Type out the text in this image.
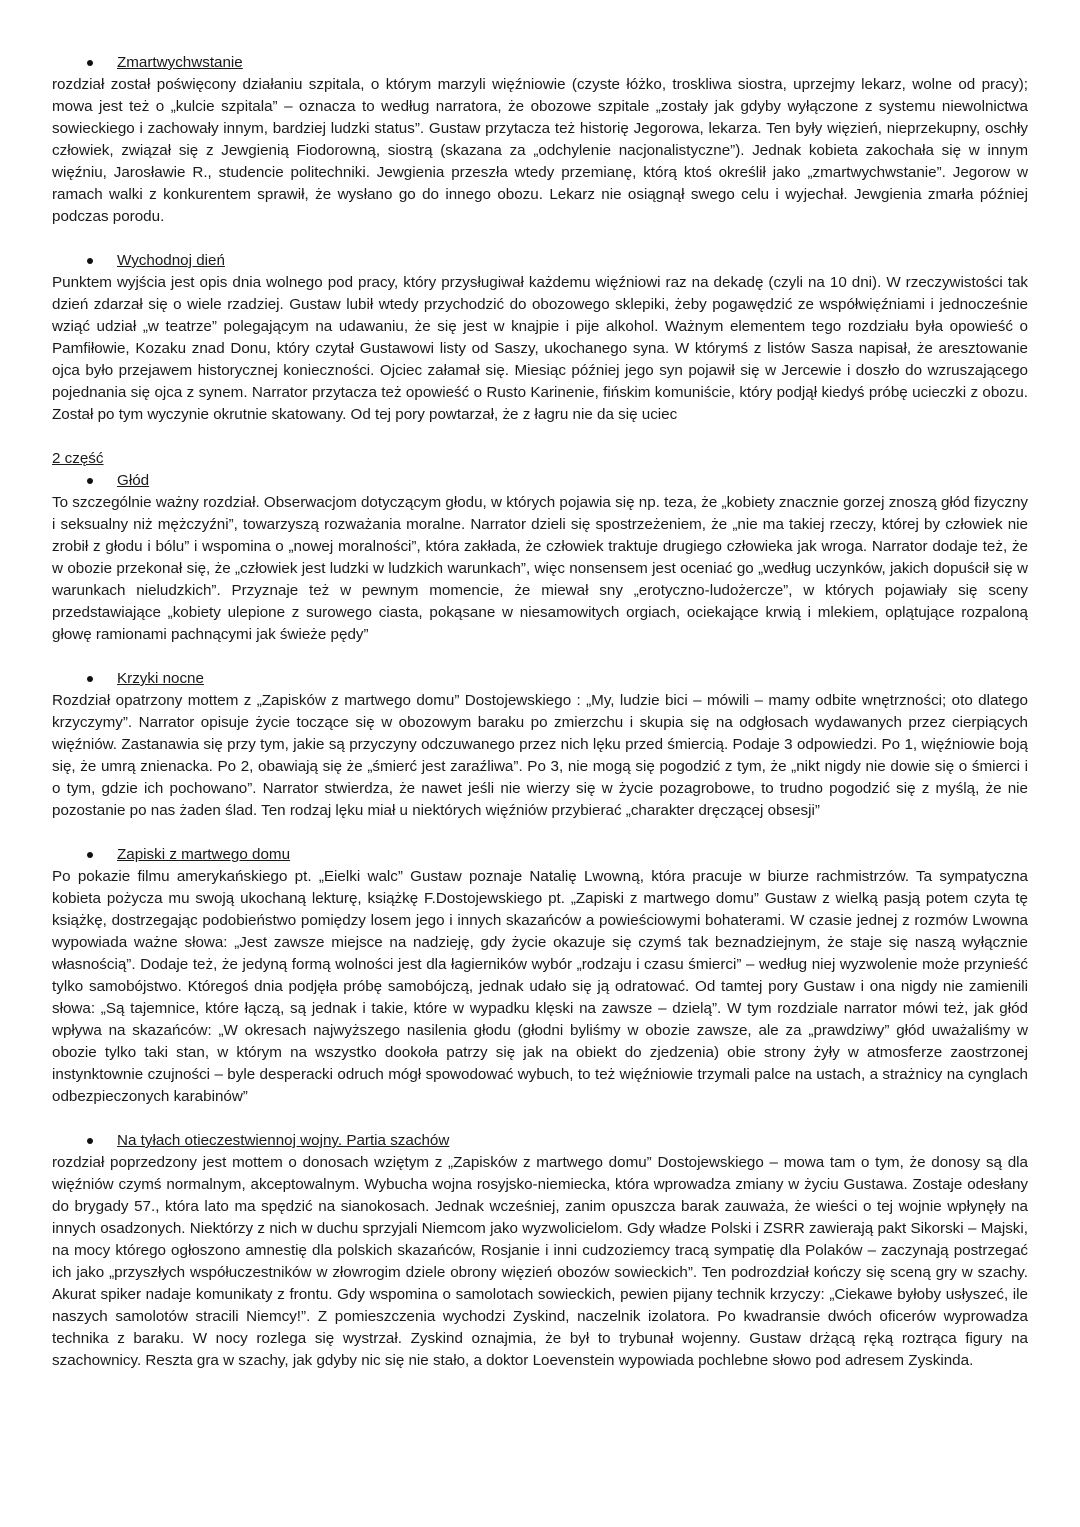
Zmartwychwstanie

rozdział został poświęcony działaniu szpitala, o którym marzyli więźniowie (czyste łóżko, troskliwa siostra, uprzejmy lekarz, wolne od pracy); mowa jest też o „kulcie szpitala” – oznacza to według narratora, że obozowe szpitale „zostały jak gdyby wyłączone z systemu niewolnictwa sowieckiego i zachowały innym, bardziej ludzki status”. Gustaw przytacza też historię Jegorowa, lekarza. Ten były więzień, nieprzekupny, oschły człowiek, związał się z Jewgienią Fiodorowną, siostrą (skazana za „odchylenie nacjonalistyczne”). Jednak kobieta zakochała się w innym więźniu, Jarosławie R., studencie politechniki. Jewgienia przeszła wtedy przemianę, którą ktoś określił jako „zmartwychwstanie”. Jegorow w ramach walki z konkurentem sprawił, że wysłano go do innego obozu. Lekarz nie osiągnął swego celu i wyjechał. Jewgienia zmarła później podczas porodu.

Wychodnoj dień

Punktem wyjścia jest opis dnia wolnego pod pracy, który przysługiwał każdemu więźniowi raz na dekadę (czyli na 10 dni). W rzeczywistości tak dzień zdarzał się o wiele rzadziej. Gustaw lubił wtedy przychodzić do obozowego sklepiki, żeby pogawędzić ze współwięźniami i jednocześnie wziąć udział „w teatrze” polegającym na udawaniu, że się jest w knajpie i pije alkohol. Ważnym elementem tego rozdziału była opowieść o Pamfiłowie, Kozaku znad Donu, który czytał Gustawowi listy od Saszy, ukochanego syna. W którymś z listów Sasza napisał, że aresztowanie ojca było przejawem historycznej konieczności. Ojciec załamał się. Miesiąc później jego syn pojawił się w Jercewie i doszło do wzruszającego pojednania się ojca z synem. Narrator przytacza też opowieść o Rusto Karinenie, fińskim komuniście, który podjął kiedyś próbę ucieczki z obozu. Został po tym wyczynie okrutnie skatowany. Od tej pory powtarzał, że z łagru nie da się uciec

2 część
Głód

To szczególnie ważny rozdział. Obserwacjom dotyczącym głodu, w których pojawia się np. teza, że „kobiety znacznie gorzej znoszą głód fizyczny i seksualny niż mężczyźni”, towarzyszą rozważania moralne. Narrator dzieli się spostrzeżeniem, że „nie ma takiej rzeczy, której by człowiek nie zrobił z głodu i bólu” i wspomina o „nowej moralności”, która zakłada, że człowiek traktuje drugiego człowieka jak wroga. Narrator dodaje też, że w obozie przekonał się, że „człowiek jest ludzki w ludzkich warunkach”, więc nonsensem jest oceniać go „według uczynków, jakich dopuścił się w warunkach nieludzkich”. Przyznaje też w pewnym momencie, że miewał sny „erotyczno-ludożercze”, w których pojawiały się sceny przedstawiające „kobiety ulepione z surowego ciasta, pokąsane w niesamowitych orgiach, ociekające krwią i mlekiem, oplątujące rozpaloną głowę ramionami pachnącymi jak świeże pędy”

Krzyki nocne

Rozdział opatrzony mottem z „Zapisków z martwego domu” Dostojewskiego : „My, ludzie bici – mówili – mamy odbite wnętrzności; oto dlatego krzyczymy”. Narrator opisuje życie toczące się w obozowym baraku po zmierzchu i skupia się na odgłosach wydawanych przez cierpiących więźniów. Zastanawia się przy tym, jakie są przyczyny odczuwanego przez nich lęku przed śmiercią. Podaje 3 odpowiedzi. Po 1, więźniowie boją się, że umrą znienacka. Po 2, obawiają się że „śmierć jest zaraźliwa”. Po 3, nie mogą się pogodzić z tym, że „nikt nigdy nie dowie się o śmierci i o tym, gdzie ich pochowano”. Narrator stwierdza, że nawet jeśli nie wierzy się w życie pozagrobowe, to trudno pogodzić się z myślą, że nie pozostanie po nas żaden ślad. Ten rodzaj lęku miał u niektórych więźniów przybierać „charakter dręczącej obsesji”

Zapiski z martwego domu

Po pokazie filmu amerykańskiego pt. „Eielki walc” Gustaw poznaje Natalię Lwowną, która pracuje w biurze rachmistrzów. Ta sympatyczna kobieta pożycza mu swoją ukochaną lekturę, książkę F.Dostojewskiego pt. „Zapiski z martwego domu” Gustaw z wielką pasją potem czyta tę książkę, dostrzegając podobieństwo pomiędzy losem jego i innych skazańców a powieściowymi bohaterami. W czasie jednej z rozmów Lwowna wypowiada ważne słowa: „Jest zawsze miejsce na nadzieję, gdy życie okazuje się czymś tak beznadziejnym, że staje się naszą wyłącznie własnością”. Dodaje też, że jedyną formą wolności jest dla łagierników wybór „rodzaju i czasu śmierci” – według niej wyzwolenie może przynieść tylko samobójstwo. Któregoś dnia podjęła próbę samobójczą, jednak udało się ją odratować. Od tamtej pory Gustaw i ona nigdy nie zamienili słowa: „Są tajemnice, które łączą, są jednak i takie, które w wypadku klęski na zawsze – dzielą”. W tym rozdziale narrator mówi też, jak głód wpływa na skazańców: „W okresach najwyższego nasilenia głodu (głodni byliśmy w obozie zawsze, ale za „prawdziwy” głód uważaliśmy w obozie tylko taki stan, w którym na wszystko dookoła patrzy się jak na obiekt do zjedzenia) obie strony żyły w atmosferze zaostrzonej instynktownie czujności – byle desperacki odruch mógł spowodować wybuch, to też więźniowie trzymali palce na ustach, a strażnicy na cynglach odbezpieczonych karabinów”

Na tyłach otieczestwiennoj wojny. Partia szachów

rozdział poprzedzony jest mottem o donosach wziętym z „Zapisków z martwego domu” Dostojewskiego – mowa tam o tym, że donosy są dla więźniów czymś normalnym, akceptowalnym. Wybucha wojna rosyjsko-niemiecka, która wprowadza zmiany w życiu Gustawa. Zostaje odesłany do brygady 57., która lato ma spędzić na sianokosach. Jednak wcześniej, zanim opuszcza barak zauważa, że wieści o tej wojnie wpłynęły na innych osadzonych. Niektórzy z nich w duchu sprzyjali Niemcom jako wyzwolicielom. Gdy władze Polski i ZSRR zawierają pakt Sikorski – Majski, na mocy którego ogłoszono amnestię dla polskich skazańców, Rosjanie i inni cudzoziemcy tracą sympatię dla Polaków – zaczynają postrzegać ich jako „przyszłych współuczestników w złowrogim dziele obrony więzień obozów sowieckich”. Ten podrozdział kończy się sceną gry w szachy. Akurat spiker nadaje komunikaty z frontu. Gdy wspomina o samolotach sowieckich, pewien pijany technik krzyczy: „Ciekawe byłoby usłyszeć, ile naszych samolotów stracili Niemcy!”. Z pomieszczenia wychodzi Zyskind, naczelnik izolatora. Po kwadransie dwóch oficerów wyprowadza technika z baraku. W nocy rozlega się wystrzał. Zyskind oznajmia, że był to trybunał wojenny. Gustaw drżącą ręką roztrąca figury na szachownicy. Reszta gra w szachy, jak gdyby nic się nie stało, a doktor Loevenstein wypowiada pochlebne słowo pod adresem Zyskinda.
